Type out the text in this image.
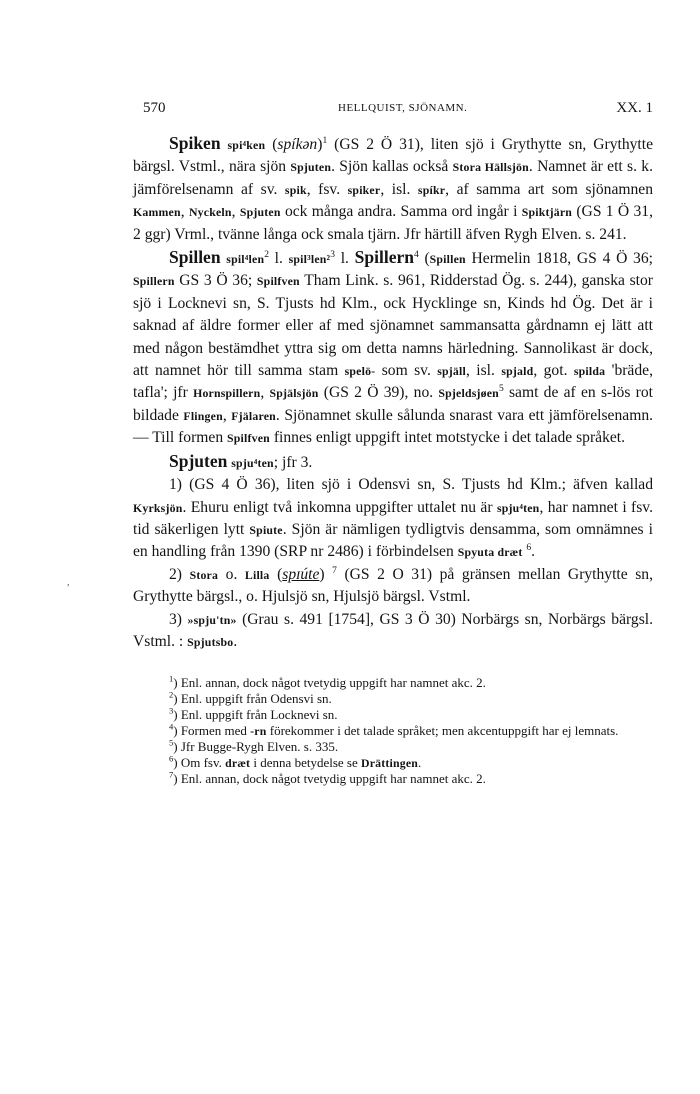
,
570	HELLQUIST, SJÖNAMN.	XX. 1

Spiken spi⁴ken (spíkən)$^1$ (GS 2 Ö 31), liten sjö i Grythytte sn, Grythytte bärgsl. Vstml., nära sjön Spjuten. Sjön kallas också Stora Hällsjön. Namnet är ett s. k. jämförelsenamn af sv. spik, fsv. spiker, isl. spíkr, af samma art som sjönamnen Kammen, Nyckeln, Spjuten ock många andra. Samma ord ingår i Spiktjärn (GS 1 Ö 31, 2 ggr) Vrml., tvänne långa ock smala tjärn. Jfr härtill äfven Rygh Elven. s. 241.

Spillen spil⁴len$^2$ l. spil³len²$^3$ l. Spillern$^4$ (Spillen Hermelin 1818, GS 4 Ö 36; Spillern GS 3 Ö 36; Spilfven Tham Link. s. 961, Ridderstad Ög. s. 244), ganska stor sjö i Locknevi sn, S. Tjusts hd Klm., ock Hycklinge sn, Kinds hd Ög. Det är i saknad af äldre former eller af med sjönamnet sammansatta gårdnamn ej lätt att med någon bestämdhet yttra sig om detta namns härledning. Sannolikast är dock, att namnet hör till samma stam spelö- som sv. spjäll, isl. spjald, got. spilda 'bräde, tafla'; jfr Hornspillern, Spjälsjön (GS 2 Ö 39), no. Spjeldsjøen$^5$ samt de af en s-lös rot bildade Flingen, Fjälaren. Sjönamnet skulle sålunda snarast vara ett jämförelsenamn. — Till formen Spilfven finnes enligt uppgift intet motstycke i det talade språket.

Spjuten spju⁴ten; jfr 3.

1) (GS 4 Ö 36), liten sjö i Odensvi sn, S. Tjusts hd Klm.; äfven kallad Kyrksjön. Ehuru enligt två inkomna uppgifter uttalet nu är spju⁴ten, har namnet i fsv. tid säkerligen lytt Spiute. Sjön är nämligen tydligtvis densamma, som omnämnes i en handling från 1390 (SRP nr 2486) i förbindelsen Spyuta dræt $^6$.

2) Stora o. Lilla (spɪúte) $^7$ (GS 2 O 31) på gränsen mellan Grythytte sn, Grythytte bärgsl., o. Hjulsjö sn, Hjulsjö bärgsl. Vstml.

3) »spju'tn» (Grau s. 491 [1754], GS 3 Ö 30) Norbärgs sn, Norbärgs bärgsl. Vstml. : Spjutsbo.

$^1$) Enl. annan, dock något tvetydig uppgift har namnet akc. 2.

$^2$) Enl. uppgift från Odensvi sn.

$^3$) Enl. uppgift från Locknevi sn.

$^4$) Formen med -rn förekommer i det talade språket; men akcentuppgift har ej lemnats.

$^5$) Jfr Bugge-Rygh Elven. s. 335.

$^6$) Om fsv. dræt i denna betydelse se Drättingen.

$^7$) Enl. annan, dock något tvetydig uppgift har namnet akc. 2.
